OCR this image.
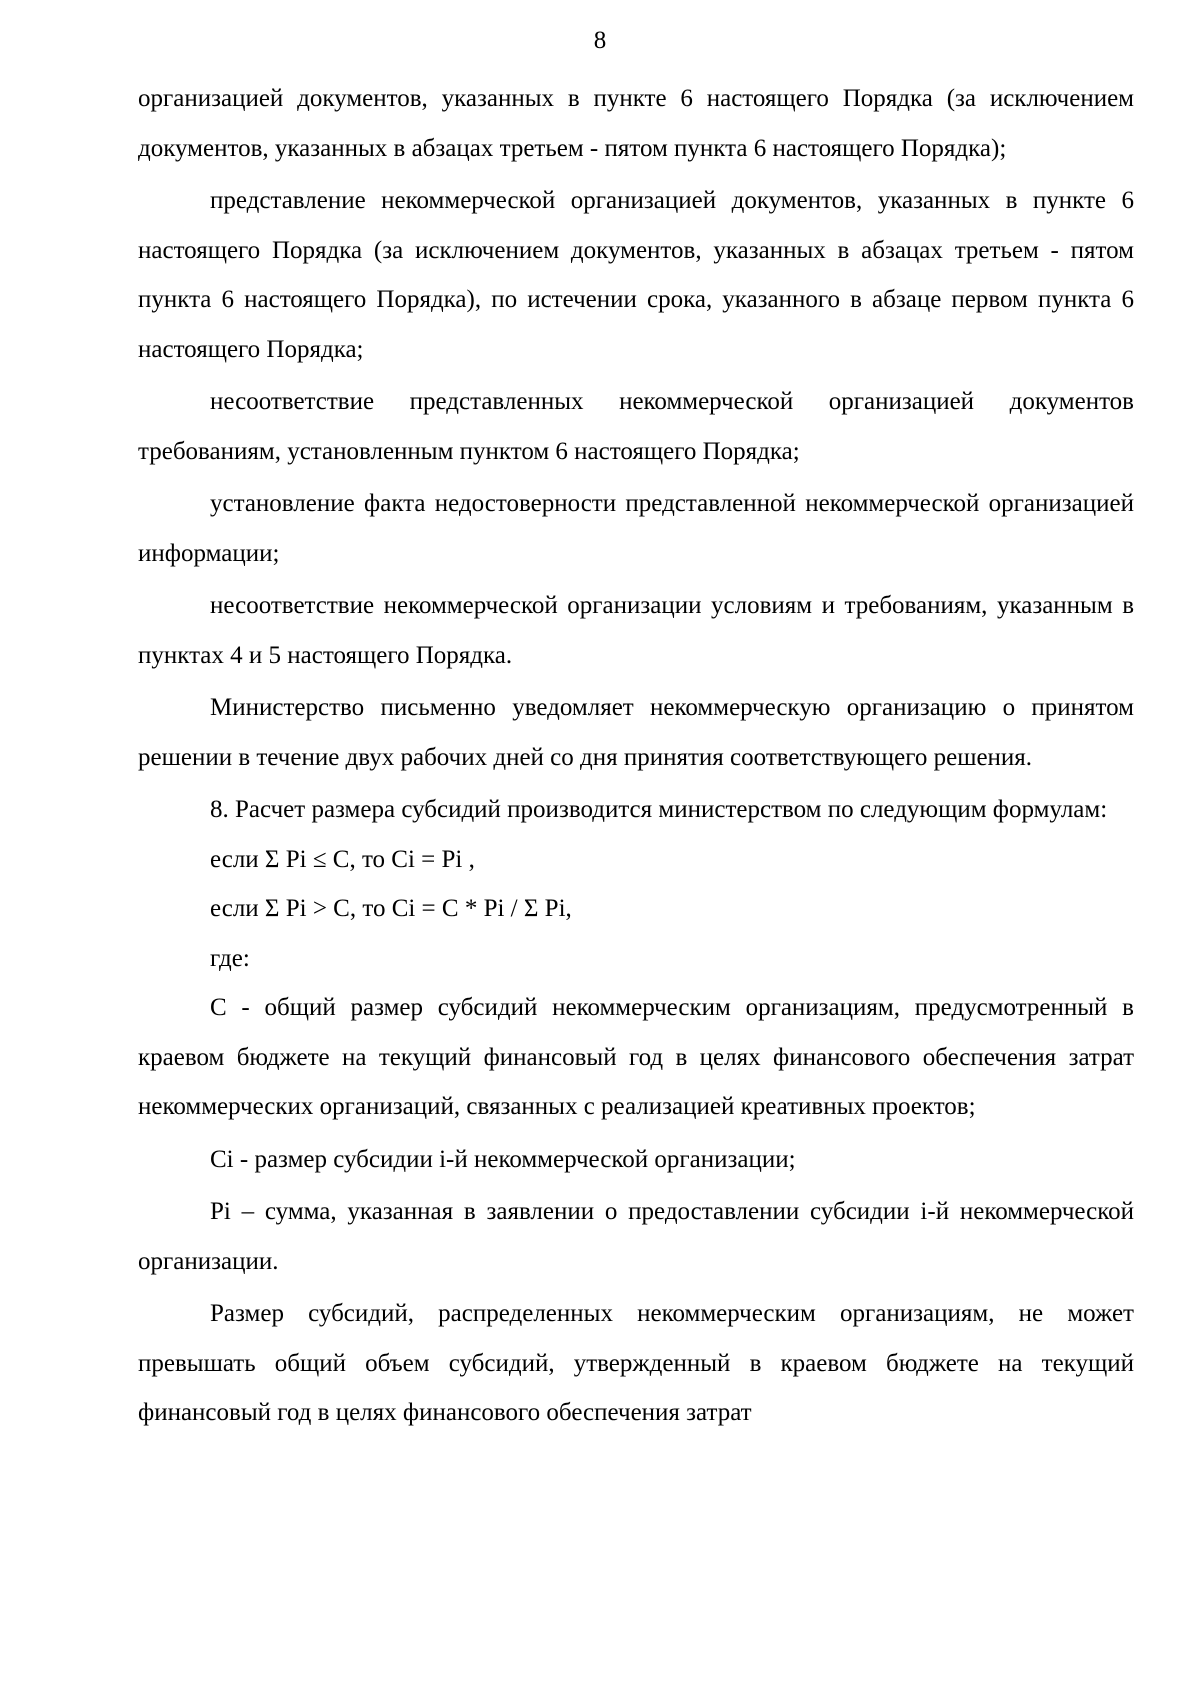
8

организацией документов, указанных в пункте 6 настоящего Порядка (за исключением документов, указанных в абзацах третьем - пятом пункта 6 настоящего Порядка);

представление некоммерческой организацией документов, указанных в пункте 6 настоящего Порядка (за исключением документов, указанных в абзацах третьем - пятом пункта 6 настоящего Порядка), по истечении срока, указанного в абзаце первом пункта 6 настоящего Порядка;

несоответствие представленных некоммерческой организацией документов требованиям, установленным пунктом 6 настоящего Порядка;

установление факта недостоверности представленной некоммерческой организацией информации;

несоответствие некоммерческой организации условиям и требованиям, указанным в пунктах 4 и 5 настоящего Порядка.

Министерство письменно уведомляет некоммерческую организацию о принятом решении в течение двух рабочих дней со дня принятия соответствующего решения.

8. Расчет размера субсидий производится министерством по следующим формулам:

если Σ Pi ≤ С, то Ci = Pi ,

если Σ Pi > С, то Ci = С * Pi / Σ Pi,

где:

С - общий размер субсидий некоммерческим организациям, предусмотренный в краевом бюджете на текущий финансовый год в целях финансового обеспечения затрат некоммерческих организаций, связанных с реализацией креативных проектов;

Ci - размер субсидии i-й некоммерческой организации;

Pi – сумма, указанная в заявлении о предоставлении субсидии i-й некоммерческой организации.

Размер субсидий, распределенных некоммерческим организациям, не может превышать общий объем субсидий, утвержденный в краевом бюджете на текущий финансовый год в целях финансового обеспечения затрат
